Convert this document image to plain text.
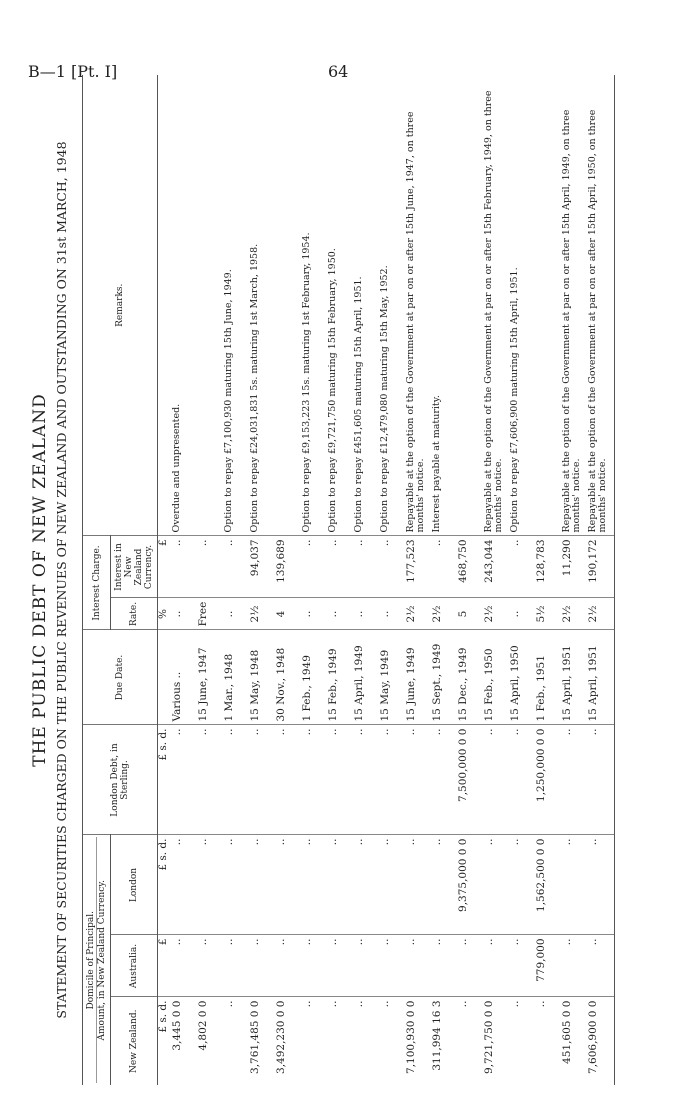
B—1 [Pt. I]	64
THE PUBLIC DEBT OF NEW ZEALAND STATEMENT OF SECURITIES CHARGED ON THE PUBLIC REVENUES OF NEW ZEALAND AND OUTSTANDING ON 31st MARCH, 1948 Domicile of Principal. Amount, in New Zealand Currency.			London Debt, in Sterling.	Due Date.	Interest Charge.		Remarks.
New Zealand.	Australia.	London			Rate.	Interest in New Zealand Currency.	
£ s. d.	£	£ s. d.	£ s. d.		%	£	
3,445 0 0	..	..	..	Various ..	..	..	Overdue and unpresented.
4,802 0 0	..	..	..	15 June, 1947	Free	..	
..	..	..	..	1 Mar., 1948	..	..	Option to repay £7,100,930 maturing 15th June, 1949.
3,761,485 0 0	..	..	..	15 May, 1948	2½	94,037	Option to repay £24,031,831 5s. maturing 1st March, 1958.
3,492,230 0 0	..	..	..	30 Nov., 1948	4	139,689	
..	..	..	..	1 Feb., 1949	..	..	Option to repay £9,153,223 15s. maturing 1st February, 1954.
..	..	..	..	15 Feb., 1949	..	..	Option to repay £9,721,750 maturing 15th February, 1950.
..	..	..	..	15 April, 1949	..	..	Option to repay £451,605 maturing 15th April, 1951.
..	..	..	..	15 May, 1949	..	..	Option to repay £12,479,080 maturing 15th May, 1952.
7,100,930 0 0	..	..	..	15 June, 1949	2½	177,523	Repayable at the option of the Government at par on or after 15th June, 1947, on three months' notice.
311,994 16 3	..	..	..	15 Sept., 1949	2½	..	Interest payable at maturity.
..	..	9,375,000 0 0	7,500,000 0 0	15 Dec., 1949	5	468,750	
9,721,750 0 0	..	..	..	15 Feb., 1950	2½	243,044	Repayable at the option of the Government at par on or after 15th February, 1949, on three months' notice.
..	..	..	..	15 April, 1950	..	..	Option to repay £7,606,900 maturing 15th April, 1951.
..	779,000	1,562,500 0 0	1,250,000 0 0	1 Feb., 1951	5½	128,783	
451,605 0 0	..	..	..	15 April, 1951	2½	11,290	Repayable at the option of the Government at par on or after 15th April, 1949, on three months' notice.
7,606,900 0 0	..	..	..	15 April, 1951	2½	190,172	Repayable at the option of the Government at par on or after 15th April, 1950, on three months' notice.
